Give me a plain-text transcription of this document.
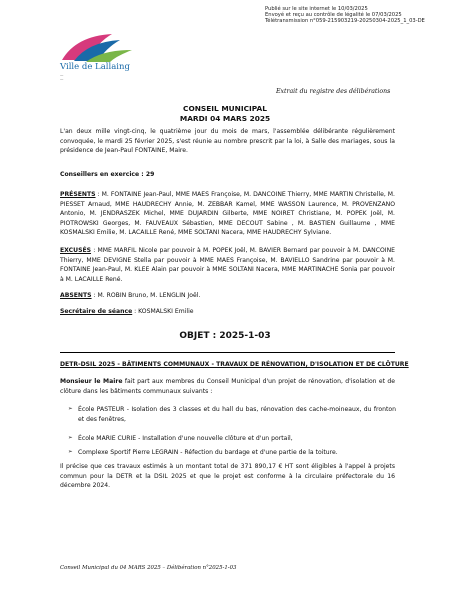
Publié sur le site internet le 10/03/2025
Envoyé et reçu au contrôle de légalité le 07/03/2025
Télétransmission n°059-215903219-20250304-2025_1_03-DE
Ville de Lallaing
—
—
Extrait du registre des délibérations
CONSEIL MUNICIPAL
MARDI 04 MARS 2025
L'an deux mille vingt-cinq, le quatrième jour du mois de mars, l'assemblée délibérante régulièrement convoquée, le mardi 25 février 2025, s'est réunie au nombre prescrit par la loi, à Salle des mariages, sous la présidence de Jean-Paul FONTAINE, Maire.
Conseillers en exercice : 29
PRÉSENTS : M. FONTAINE Jean-Paul, MME MAES Françoise, M. DANCOINE Thierry, MME MARTIN Christelle, M. PIESSET Arnaud, MME HAUDRECHY Annie, M. ZEBBAR Kamel, MME WASSON Laurence, M. PROVENZANO Antonio, M. JENDRASZEK Michel, MME DUJARDIN Gilberte, MME NOIRET Christiane, M. POPEK Joël, M. PIOTROWSKI Georges, M. FAUVEAUX Sébastien, MME DECOUT Sabine , M. BASTIEN Guillaume , MME KOSMALSKI Emilie, M. LACAILLE René, MME SOLTANI Nacera, MME HAUDRECHY Sylviane.
EXCUSÉS : MME MARFIL Nicole par pouvoir à M. POPEK Joël, M. BAVIER Bernard par pouvoir à M. DANCOINE Thierry, MME DEVIGNE Stella par pouvoir à MME MAES Françoise, M. BAVIELLO Sandrine par pouvoir à M. FONTAINE Jean-Paul, M. KLEE Alain par pouvoir à MME SOLTANI Nacera, MME MARTINACHE Sonia par pouvoir à M. LACAILLE René.
ABSENTS : M. ROBIN Bruno, M. LENGLIN Joël.
Secrétaire de séance : KOSMALSKI Emilie
OBJET : 2025-1-03
DETR-DSIL 2025 - BÂTIMENTS COMMUNAUX - TRAVAUX DE RÉNOVATION, D'ISOLATION ET DE CLÔTURE
Monsieur le Maire fait part aux membres du Conseil Municipal d'un projet de rénovation, d'isolation et de clôture dans les bâtiments communaux suivants :
➢ École PASTEUR - Isolation des 3 classes et du hall du bas, rénovation des cache-moineaux, du fronton et des fenêtres,
➢ École MARIE CURIE - Installation d'une nouvelle clôture et d'un portail,
➢ Complexe Sportif Pierre LEGRAIN - Réfection du bardage et d'une partie de la toiture.
Il précise que ces travaux estimés à un montant total de 371 890,17 € HT sont éligibles à l'appel à projets commun pour la DETR et la DSIL 2025 et que le projet est conforme à la circulaire préfectorale du 16 décembre 2024.
Conseil Municipal du 04 MARS 2025 – Délibération n°2025-1-03
